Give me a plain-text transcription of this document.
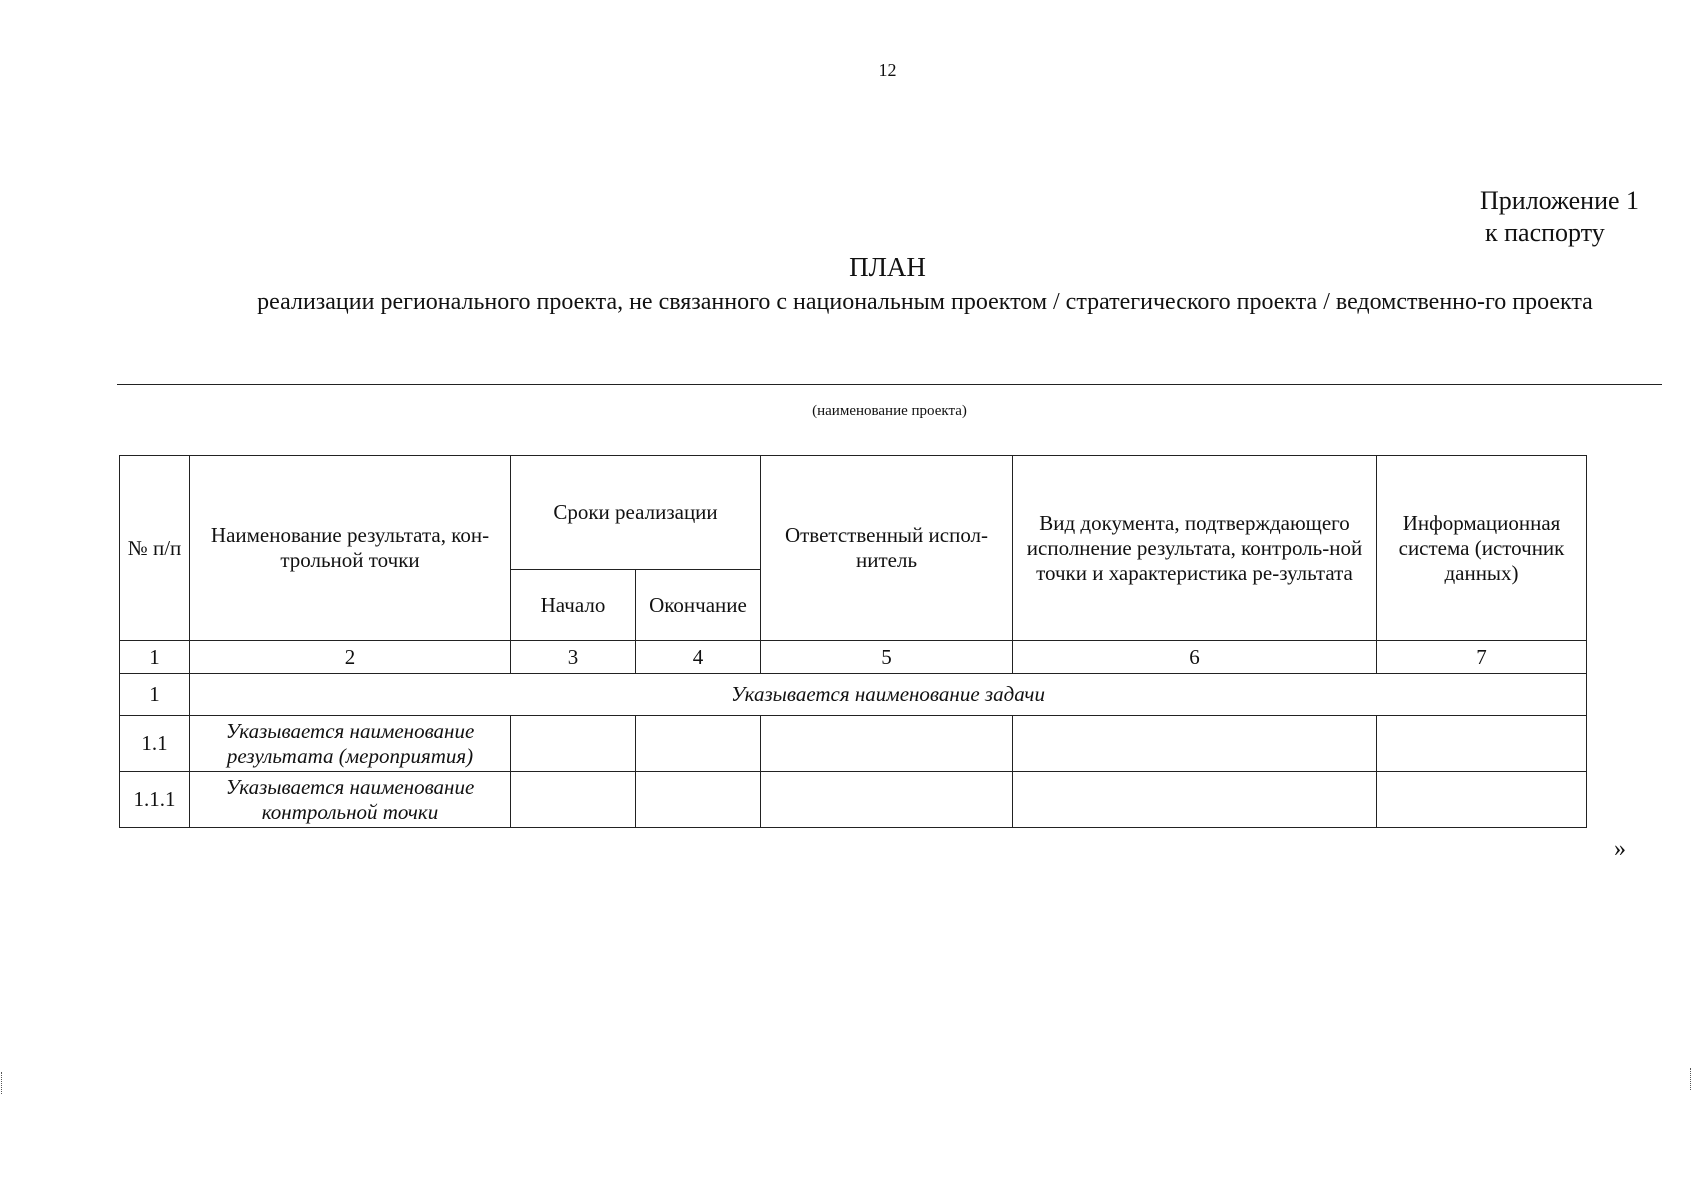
12
Приложение 1
к паспорту
ПЛАН
реализации регионального проекта, не связанного с национальным проектом / стратегического проекта / ведомственно-го проекта
(наименование проекта)
№ п/п	Наименование результата, кон-трольной точки	Сроки реализации		Ответственный испол-нитель	Вид документа, подтверждающего исполнение результата, контроль-ной точки и характеристика ре-зультата	Информационная система (источник данных)
		Начало	Окончание			
1	2	3	4	5	6	7
1	Указывается наименование задачи					
1.1	Указывается наименование результата (мероприятия)					
1.1.1	Указывается наименование контрольной точки					
»
